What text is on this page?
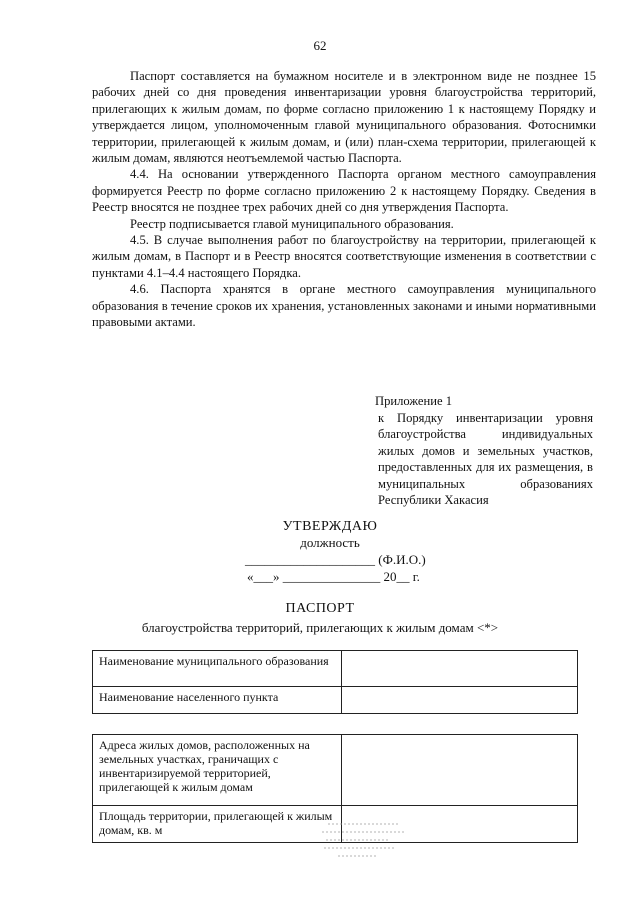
62

Паспорт составляется на бумажном носителе и в электронном виде не позднее 15 рабочих дней со дня проведения инвентаризации уровня благоустройства территорий, прилегающих к жилым домам, по форме согласно приложению 1 к настоящему Порядку и утверждается лицом, уполномоченным главой муниципального образования. Фотоснимки территории, прилегающей к жилым домам, и (или) план-схема территории, прилегающей к жилым домам, являются неотъемлемой частью Паспорта.

4.4. На основании утвержденного Паспорта органом местного самоуправления формируется Реестр по форме согласно приложению 2 к настоящему Порядку. Сведения в Реестр вносятся не позднее трех рабочих дней со дня утверждения Паспорта.

Реестр подписывается главой муниципального образования.

4.5. В случае выполнения работ по благоустройству на территории, прилегающей к жилым домам, в Паспорт и в Реестр вносятся соответствующие изменения в соответствии с пунктами 4.1–4.4 настоящего Порядка.

4.6. Паспорта хранятся в органе местного самоуправления муниципального образования в течение сроков их хранения, установленных законами и иными нормативными правовыми актами.

Приложение 1
к Порядку инвентаризации уровня благоустройства индивидуальных жилых домов и земельных участков, предоставленных для их размещения, в муниципальных образованиях Республики Хакасия
УТВЕРЖДАЮ
должность
____________________ (Ф.И.О.)
«___» _______________ 20__ г.
ПАСПОРТ
благоустройства территорий, прилегающих к жилым домам <*>
Наименование муниципального образования	
Наименование населенного пункта	
Адреса жилых домов, расположенных на земельных участках, граничащих с инвентаризируемой территорией, прилегающей к жилым домам	
Площадь территории, прилегающей к жилым домам, кв. м	
